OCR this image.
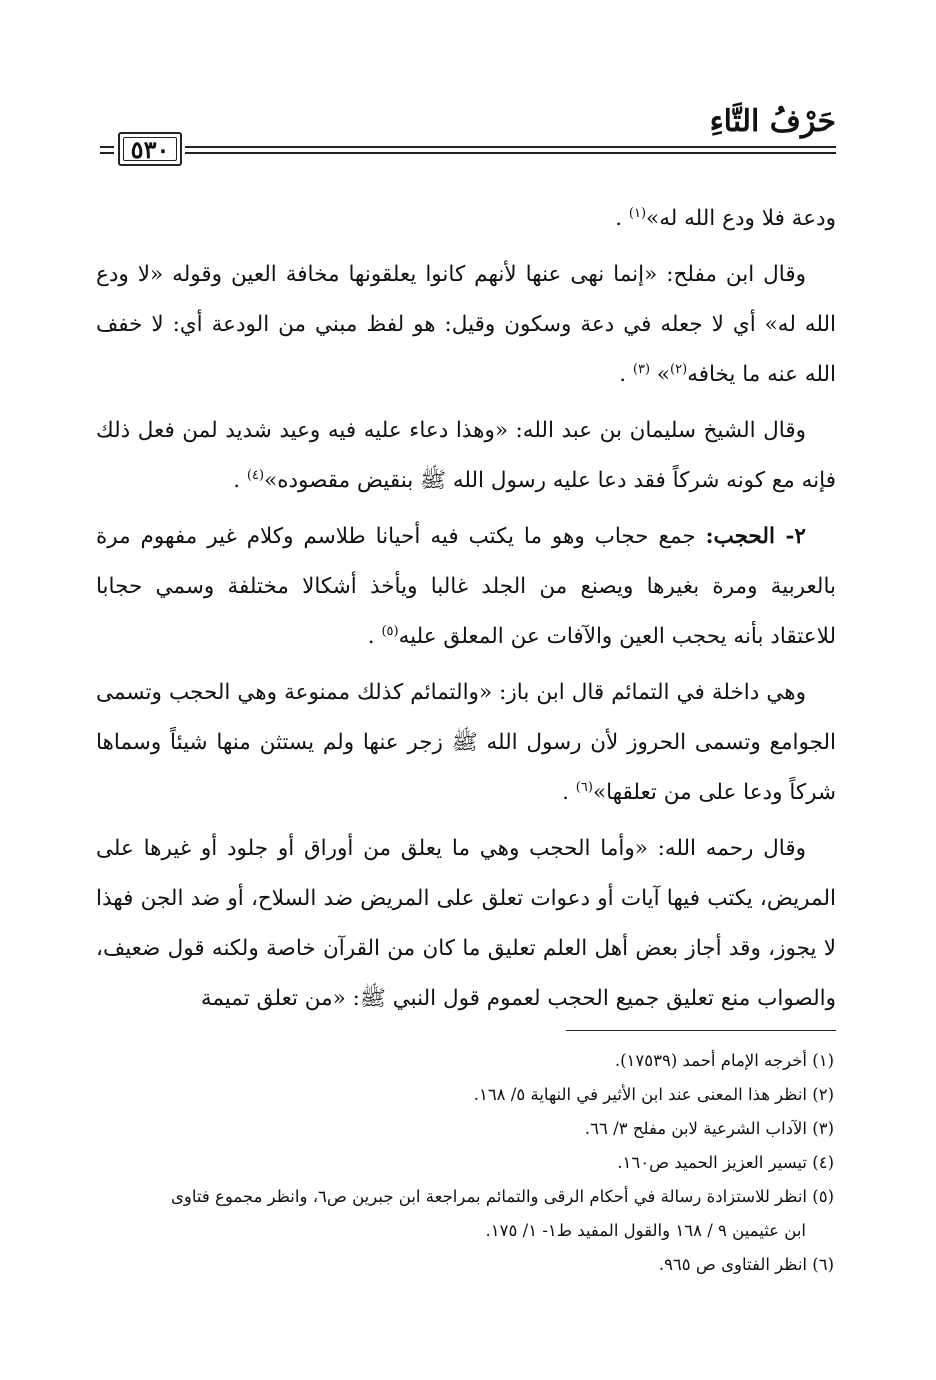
حَرْفُ التَّاءِ
٥٣٠

ودعة فلا ودع الله له»$^{(١)}$ .

وقال ابن مفلح: «إنما نهى عنها لأنهم كانوا يعلقونها مخافة العين وقوله «لا ودع الله له» أي لا جعله في دعة وسكون وقيل: هو لفظ مبني من الودعة أي: لا خفف الله عنه ما يخافه$^{(٢)}$» $^{(٣)}$ .

وقال الشيخ سليمان بن عبد الله: «وهذا دعاء عليه فيه وعيد شديد لمن فعل ذلك فإنه مع كونه شركاً فقد دعا عليه رسول الله ﷺ بنقيض مقصوده»$^{(٤)}$ .

٢- الحجب: جمع حجاب وهو ما يكتب فيه أحيانا طلاسم وكلام غير مفهوم مرة بالعربية ومرة بغيرها ويصنع من الجلد غالبا ويأخذ أشكالا مختلفة وسمي حجابا للاعتقاد بأنه يحجب العين والآفات عن المعلق عليه$^{(٥)}$ .

وهي داخلة في التمائم قال ابن باز: «والتمائم كذلك ممنوعة وهي الحجب وتسمى الجوامع وتسمى الحروز لأن رسول الله ﷺ زجر عنها ولم يستثن منها شيئاً وسماها شركاً ودعا على من تعلقها»$^{(٦)}$ .

وقال رحمه الله: «وأما الحجب وهي ما يعلق من أوراق أو جلود أو غيرها على المريض، يكتب فيها آيات أو دعوات تعلق على المريض ضد السلاح، أو ضد الجن فهذا لا يجوز، وقد أجاز بعض أهل العلم تعليق ما كان من القرآن خاصة ولكنه قول ضعيف، والصواب منع تعليق جميع الحجب لعموم قول النبي ﷺ: «من تعلق تميمة

(١) أخرجه الإمام أحمد (١٧٥٣٩).

(٢) انظر هذا المعنى عند ابن الأثير في النهاية ٥/ ١٦٨.

(٣) الآداب الشرعية لابن مفلح ٣/ ٦٦.

(٤) تيسير العزيز الحميد ص١٦٠.

(٥) انظر للاستزادة رسالة في أحكام الرقى والتمائم بمراجعة ابن جبرين ص٦، وانظر مجموع فتاوى
ابن عثيمين ٩ / ١٦٨ والقول المفيد ط١- ١/ ١٧٥.

(٦) انظر الفتاوى ص ٩٦٥.
